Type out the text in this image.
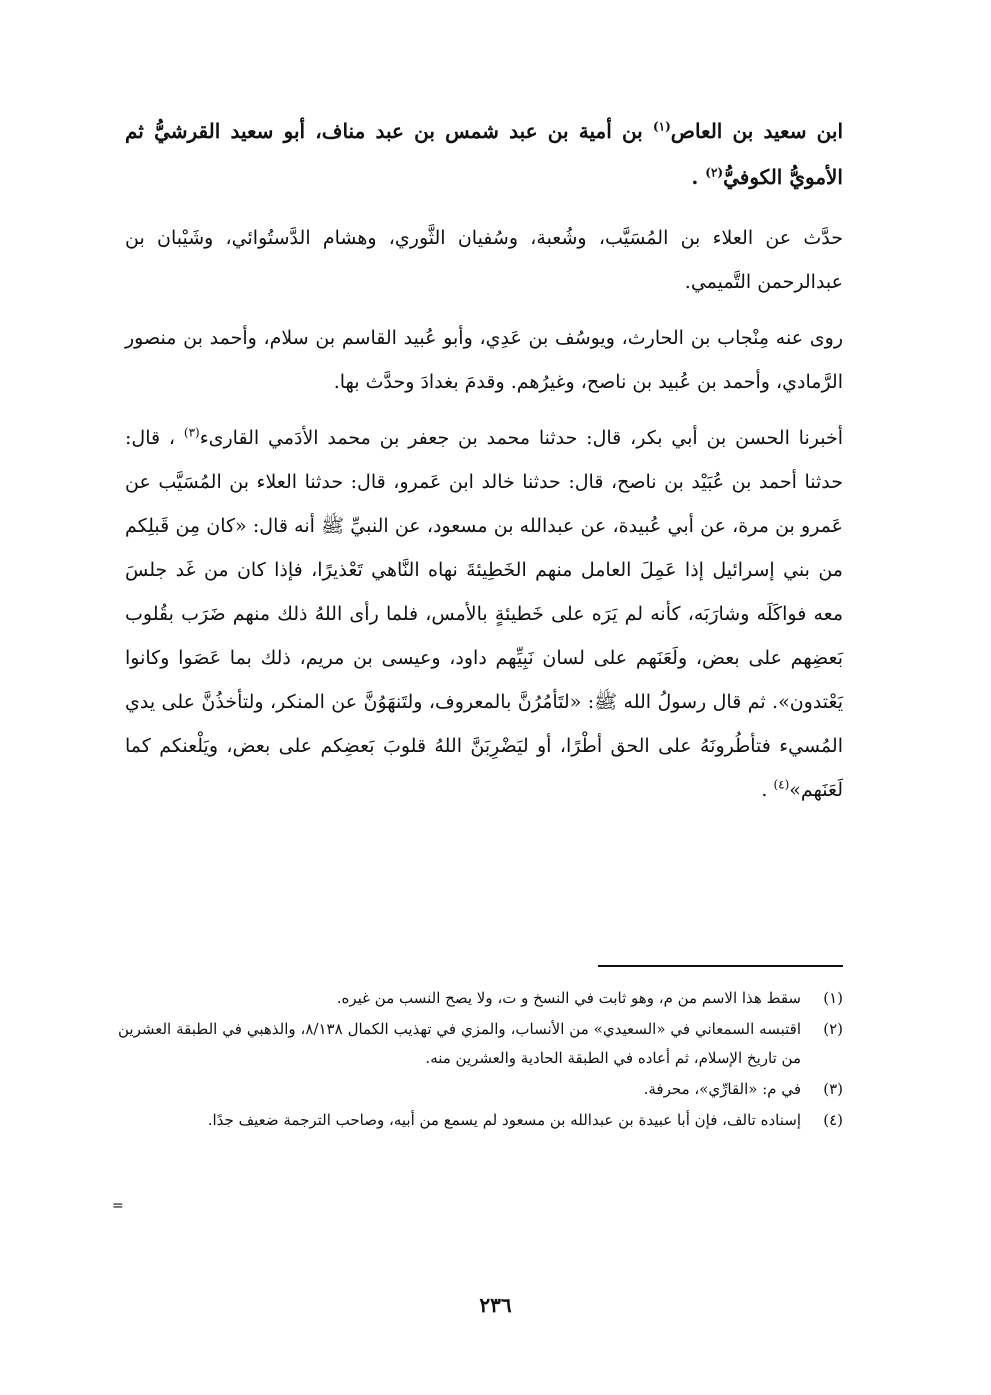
ابن سعيد بن العاص$^{(١)}$ بن أمية بن عبد شمس بن عبد مناف، أبو سعيد القرشيُّ ثم الأمويُّ الكوفيُّ$^{(٢)}$ .

حدَّث عن العلاء بن المُسَيَّب، وشُعبة، وسُفيان الثَّوري، وهشام الدَّستُوائي، وشَيْبان بن عبدالرحمن التَّميمي.

روى عنه مِنْجاب بن الحارث، ويوسُف بن عَدِي، وأبو عُبيد القاسم بن سلام، وأحمد بن منصور الرَّمادي، وأحمد بن عُبيد بن ناصح، وغيرُهم. وقدمَ بغدادَ وحدَّث بها.

أخبرنا الحسن بن أبي بكر، قال: حدثنا محمد بن جعفر بن محمد الأدَمي القارىء$^{(٣)}$ ، قال: حدثنا أحمد بن عُبَيْد بن ناصح، قال: حدثنا خالد ابن عَمرو، قال: حدثنا العلاء بن المُسَيَّب عن عَمرو بن مرة، عن أبي عُبيدة، عن عبدالله بن مسعود، عن النبيِّ ﷺ أنه قال: «كان مِن قَبلِكم من بني إسرائيل إذا عَمِلَ العامل منهم الخَطِيئةَ نهاه النَّاهي تَعْذيرًا، فإذا كان من غَد جلسَ معه فواكَلَه وشارَبَه، كأنه لم يَرَه على خَطيئةٍ بالأمس، فلما رأى اللهُ ذلك منهم ضَرَب بقُلوب بَعضِهم على بعض، ولَعَنَهم على لسان نَبِيِّهم داود، وعيسى بن مريم، ذلك بما عَصَوا وكانوا يَعْتدون». ثم قال رسولُ الله ﷺ: «لتَأمُرُنَّ بالمعروف، ولتَنهَوُنَّ عن المنكر، ولتأخذُنَّ على يدي المُسيء فتأطُرونَهُ على الحق أطْرًا، أو ليَضْرِبَنَّ اللهُ قلوبَ بَعضِكم على بعض، ويَلْعنكم كما لَعَنَهم»$^{(٤)}$ .

(١)
سقط هذا الاسم من م، وهو ثابت في النسخ و ت، ولا يصح النسب من غيره.
(٢)
اقتبسه السمعاني في «السعيدي» من الأنساب، والمزي في تهذيب الكمال ٨/١٣٨، والذهبي في الطبقة العشرين من تاريخ الإسلام، ثم أعاده في الطبقة الحادية والعشرين منه.
(٣)
في م: «القارِّي»، محرفة.
(٤)
إسناده تالف، فإن أبا عبيدة بن عبدالله بن مسعود لم يسمع من أبيه، وصاحب الترجمة ضعيف جدًا.
=
٢٣٦
